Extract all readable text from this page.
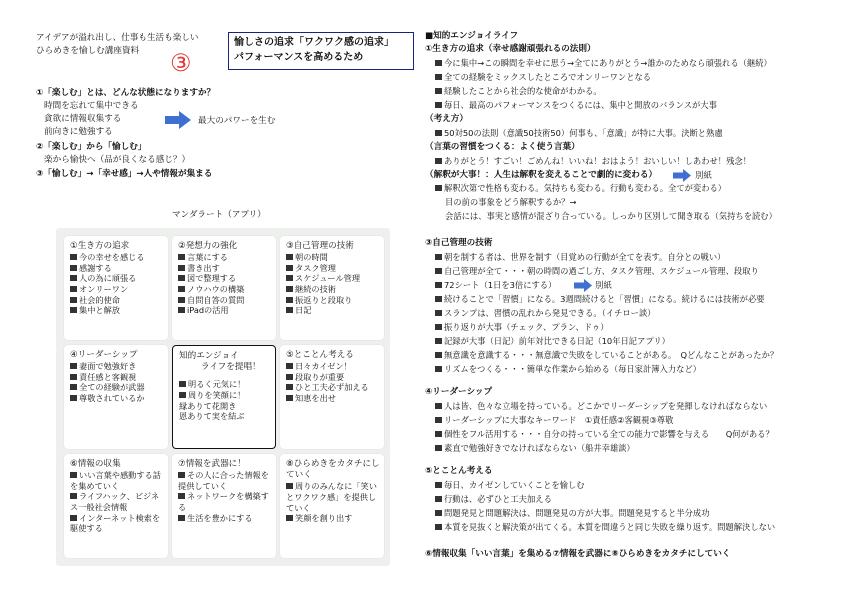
アイデアが溢れ出し、仕事も生活も楽しい
ひらめきを愉しむ講座資料 ③
愉しさの追求「ワクワク感の追求」
パフォーマンスを高めるため
①「楽しむ」とは、どんな状態になりますか？
時間を忘れて集中できる
貪欲に情報収集する
前向きに勉強する
最大のパワーを生む
②「楽しむ」から「愉しむ」
楽から愉快へ（品が良くなる感じ？）
③「愉しむ」→「幸せ感」→人や情報が集まる
マンダラート（アプリ）
①生き方の追求
今の幸せを感じる
感謝する
人の為に頑張る
オンリーワン
社会的使命
集中と解放
②発想力の強化
言葉にする
書き出す
図で整理する
ノウハウの構築
自問自答の質問
iPadの活用
③自己管理の技術
朝の時間
タスク管理
スケジュール管理
継続の技術
振返りと段取り
日記
④リーダーシップ
妻面で勉強好き
責任感と客観視
全ての経験が武器
尊敬されているか
知的エンジョイ
ライフを提唱！
明るく元気に！
周りを笑顔に！
縁ありて花開き
恩ありて実を結ぶ
⑤とことん考える
日々カイゼン！
段取りが重要
ひと工夫必ず加える
知恵を出せ
⑥情報の収集
いい言葉や感動する話を集めていく
ライフハック、ビジネス一般社会情報
インターネット検索を駆使する
⑦情報を武器に！
その人に合った情報を提供していく
ネットワークを構築する
生活を豊かにする
⑧ひらめきをカタチにしていく
周りのみんなに「笑いとワクワク感」を提供していく
笑顔を創り出す
■知的エンジョイライフ
①生き方の追求（幸せ感謝頑張れるの法則）
今に集中→この瞬間を幸せに思う→全てにありがとう→誰かのためなら頑張れる（継続）
全ての経験をミックスしたところでオンリーワンとなる
経験したことから社会的な使命がわかる。
毎日、最高のパフォーマンスをつくるには、集中と開放のバランスが大事
（考え方）
50対50の法則（意識50技術50）何事も、「意識」が特に大事。決断と熟慮
（言葉の習慣をつくる：よく使う言葉）
ありがとう！すごい！ごめんね！いいね！おはよう！おいしい！しあわせ！残念！
（解釈が大事！：人生は解釈を変えることで劇的に変わる）	別紙
解釈次第で性格も変わる。気持ちも変わる。行動も変わる。全てが変わる）
目の前の事象をどう解釈するか？→
会話には、事実と感情が混ざり合っている。しっかり区別して聞き取る（気持ちを読む）
③自己管理の技術
朝を制する者は、世界を制す（目覚めの行動が全てを表す。自分との戦い）
自己管理が全て・・・朝の時間の過ごし方、タスク管理、スケジュール管理、段取り
72シート（1日を3倍にする）	別紙
続けることで「習慣」になる。3週間続けると「習慣」になる。続けるには技術が必要
スランプは、習慣の乱れから発見できる。（イチロー談）
振り返りが大事（チェック、プラン、ドゥ）
記録が大事（日記）前年対比できる日記（10年日記アプリ）
無意識を意識する・・・無意識で失敗をしていることがある。　Qどんなことがあったか？
リズムをつくる・・・簡単な作業から始める（毎日家計簿入力など）
④リーダーシップ
人は皆、色々な立場を持っている。どこかでリーダーシップを発揮しなければならない
リーダーシップに大事なキーワード　①責任感②客観視③尊敬
個性をフル活用する・・・自分の持っている全ての能力で影響を与える　　Q何がある？
素直で勉強好きでなければならない（船井幸雄談）
⑤とことん考える
毎日、カイゼンしていくことを愉しむ
行動は、必ずひと工夫加える
問題発見と問題解決は、問題発見の方が大事。問題発見すると半分成功
本質を見抜くと解決策が出てくる。本質を間違うと同じ失敗を繰り返す。問題解決しない
⑥情報収集「いい言葉」を集める⑦情報を武器に⑧ひらめきをカタチにしていく
